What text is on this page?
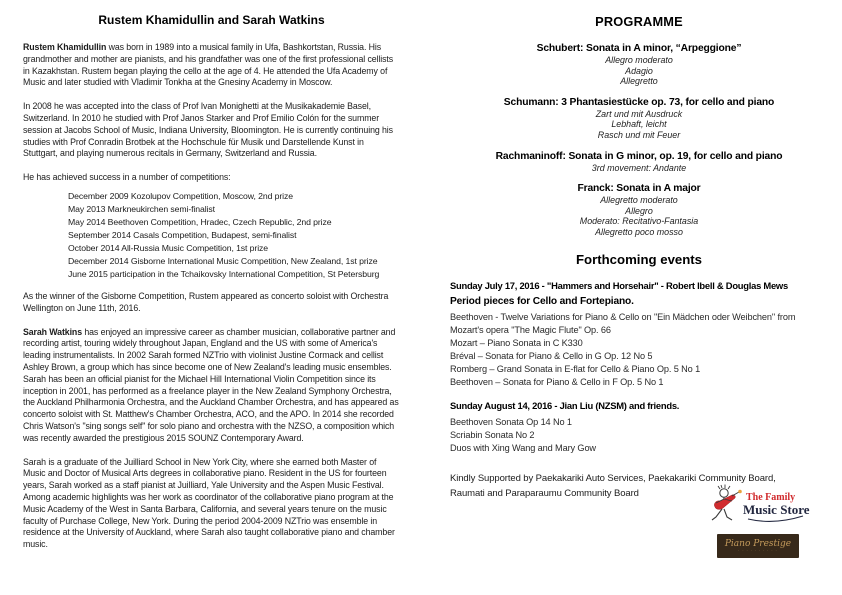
Rustem Khamidullin and Sarah Watkins

Rustem Khamidullin was born in 1989 into a musical family in Ufa, Bashkortstan, Russia. His grandmother and mother are pianists, and his grandfather was one of the first professional cellists in Kazakhstan. Rustem began playing the cello at the age of 4. He attended the Ufa Academy of Music and later studied with Vladimir Tonkha at the Gnesiny Academy in Moscow.

In 2008 he was accepted into the class of Prof Ivan Monighetti at the Musikakademie Basel, Switzerland. In 2010 he studied with Prof Janos Starker and Prof Emilio Colón for the summer session at Jacobs School of Music, Indiana University, Bloomington. He is currently continuing his studies with Prof Conradin Brotbek at the Hochschule für Musik und Darstellende Kunst in Stuttgart, and playing numerous recitals in Germany, Switzerland and Russia.

He has achieved success in a number of competitions:

December 2009 Kozolupov Competition, Moscow, 2nd prize
May 2013 Markneukirchen semi-finalist
May 2014 Beethoven Competition, Hradec, Czech Republic, 2nd prize
September 2014 Casals Competition, Budapest, semi-finalist
October 2014 All-Russia Music Competition, 1st prize
December 2014 Gisborne International Music Competition, New Zealand, 1st prize
June 2015 participation in the Tchaikovsky International Competition, St Petersburg

As the winner of the Gisborne Competition, Rustem appeared as concerto soloist with Orchestra Wellington on June 11th, 2016.

Sarah Watkins has enjoyed an impressive career as chamber musician, collaborative partner and recording artist, touring widely throughout Japan, England and the US with some of America's leading instrumentalists. In 2002 Sarah formed NZTrio with violinist Justine Cormack and cellist Ashley Brown, a group which has since become one of New Zealand's leading music ensembles. Sarah has been an official pianist for the Michael Hill International Violin Competition since its inception in 2001, has performed as a freelance player in the New Zealand Symphony Orchestra, the Auckland Philharmonia Orchestra, and the Auckland Chamber Orchestra, and has appeared as concerto soloist with St. Matthew's Chamber Orchestra, ACO, and the APO. In 2014 she recorded Chris Watson's "sing songs self" for solo piano and orchestra with the NZSO, a composition which was recently awarded the prestigious 2015 SOUNZ Contemporary Award.

Sarah is a graduate of the Juilliard School in New York City, where she earned both Master of Music and Doctor of Musical Arts degrees in collaborative piano. Resident in the US for fourteen years, Sarah worked as a staff pianist at Juilliard, Yale University and the Aspen Music Festival. Among academic highlights was her work as coordinator of the collaborative piano program at the Music Academy of the West in Santa Barbara, California, and several years tenure on the music faculty of Purchase College, New York. During the period 2004-2009 NZTrio was ensemble in residence at the University of Auckland, where Sarah also taught collaborative piano and chamber music.

PROGRAMME
Schubert: Sonata in A minor, “Arpeggione”
Allegro moderato
Adagio
Allegretto
Schumann: 3 Phantasiestücke op. 73, for cello and piano
Zart und mit Ausdruck
Lebhaft, leicht
Rasch und mit Feuer
Rachmaninoff: Sonata in G minor, op. 19, for cello and piano
3rd movement: Andante
Franck: Sonata in A major
Allegretto moderato
Allegro
Moderato: Recitativo-Fantasia
Allegretto poco mosso
Forthcoming events
Sunday July 17, 2016 - "Hammers and Horsehair" - Robert Ibell & Douglas Mews
Period pieces for Cello and Fortepiano.
Beethoven - Twelve Variations for Piano & Cello on "Ein Mädchen oder Weibchen" from Mozart's opera "The Magic Flute" Op. 66
Mozart – Piano Sonata in C K330
Bréval – Sonata for Piano & Cello in G Op. 12 No 5
Romberg – Grand Sonata in E-flat for Cello & Piano Op. 5 No 1
Beethoven – Sonata for Piano & Cello in F Op. 5 No 1
Sunday August 14, 2016 - Jian Liu (NZSM) and friends.
Beethoven Sonata Op 14 No 1
Scriabin Sonata No 2
Duos with Xing Wang and Mary Gow

Kindly Supported by Paekakariki Auto Services, Paekakariki Community Board, Raumati and Paraparaumu Community Board	The Family
Music Store
Piano Prestige
· · · · · · · · · ·
